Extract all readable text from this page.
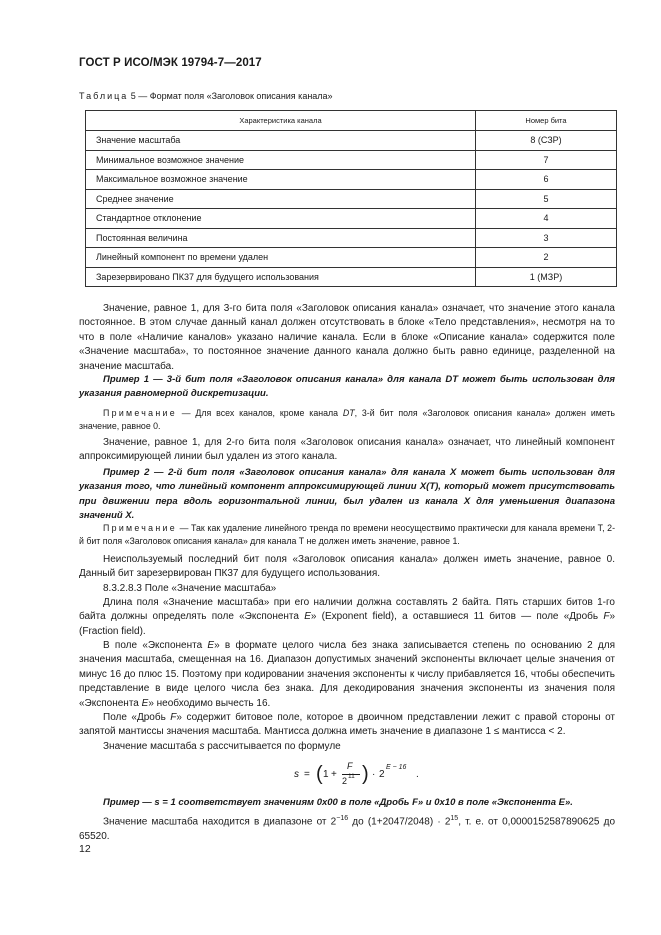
ГОСТ Р ИСО/МЭК 19794-7—2017
Таблица 5 — Формат поля «Заголовок описания канала»
Характеристика канала	Номер бита
Значение масштаба	8 (СЗР)
Минимальное возможное значение	7
Максимальное возможное значение	6
Среднее значение	5
Стандартное отклонение	4
Постоянная величина	3
Линейный компонент по времени удален	2
Зарезервировано ПК37 для будущего использования	1 (МЗР)
Значение, равное 1, для 3-го бита поля «Заголовок описания канала» означает, что значение этого канала постоянное. В этом случае данный канал должен отсутствовать в блоке «Тело представления», несмотря на то что в поле «Наличие каналов» указано наличие канала. Если в блоке «Описание канала» содержится поле «Значение масштаба», то постоянное значение данного канала должно быть равно единице, разделенной на значение масштаба.
Пример 1 — 3-й бит поля «Заголовок описания канала» для канала DT может быть использован для указания равномерной дискретизации.
Примечание — Для всех каналов, кроме канала DT, 3-й бит поля «Заголовок описания канала» должен иметь значение, равное 0.
Значение, равное 1, для 2-го бита поля «Заголовок описания канала» означает, что линейный компонент аппроксимирующей линии был удален из этого канала.
Пример 2 — 2-й бит поля «Заголовок описания канала» для канала X может быть использован для указания того, что линейный компонент аппроксимирующей линии X(T), который может присутствовать при движении пера вдоль горизонтальной линии, был удален из канала X для уменьшения диапазона значений X.
Примечание — Так как удаление линейного тренда по времени неосуществимо практически для канала времени T, 2-й бит поля «Заголовок описания канала» для канала T не должен иметь значение, равное 1.
Неиспользуемый последний бит поля «Заголовок описания канала» должен иметь значение, равное 0. Данный бит зарезервирован ПК37 для будущего использования.
8.3.2.8.3 Поле «Значение масштаба»
Длина поля «Значение масштаба» при его наличии должна составлять 2 байта. Пять старших битов 1-го байта должны определять поле «Экспонента E» (Exponent field), а оставшиеся 11 битов — поле «Дробь F» (Fraction field).
В поле «Экспонента E» в формате целого числа без знака записывается степень по основанию 2 для значения масштаба, смещенная на 16. Диапазон допустимых значений экспоненты включает целые значения от минус 16 до плюс 15. Поэтому при кодировании значения экспоненты к числу прибавляется 16, чтобы обеспечить представление в виде целого числа без знака. Для декодирования значения экспоненты из значения поля «Экспонента E» необходимо вычесть 16.
Поле «Дробь F» содержит битовое поле, которое в двоичном представлении лежит с правой стороны от запятой мантиссы значения масштаба. Мантисса должна иметь значение в диапазоне 1 ≤ мантисса < 2.
Значение масштаба s рассчитывается по формуле
s = ( 1 +
F
2 11 ) · 2
E − 16
.
Пример — s = 1 соответствует значениям 0x00 в поле «Дробь F» и 0x10 в поле «Экспонента E».
Значение масштаба находится в диапазоне от $2^{-16}$ до $(1+2047/2048) \cdot 2^{15}$, т. е. от 0,0000152587890625 до 65520.
12
